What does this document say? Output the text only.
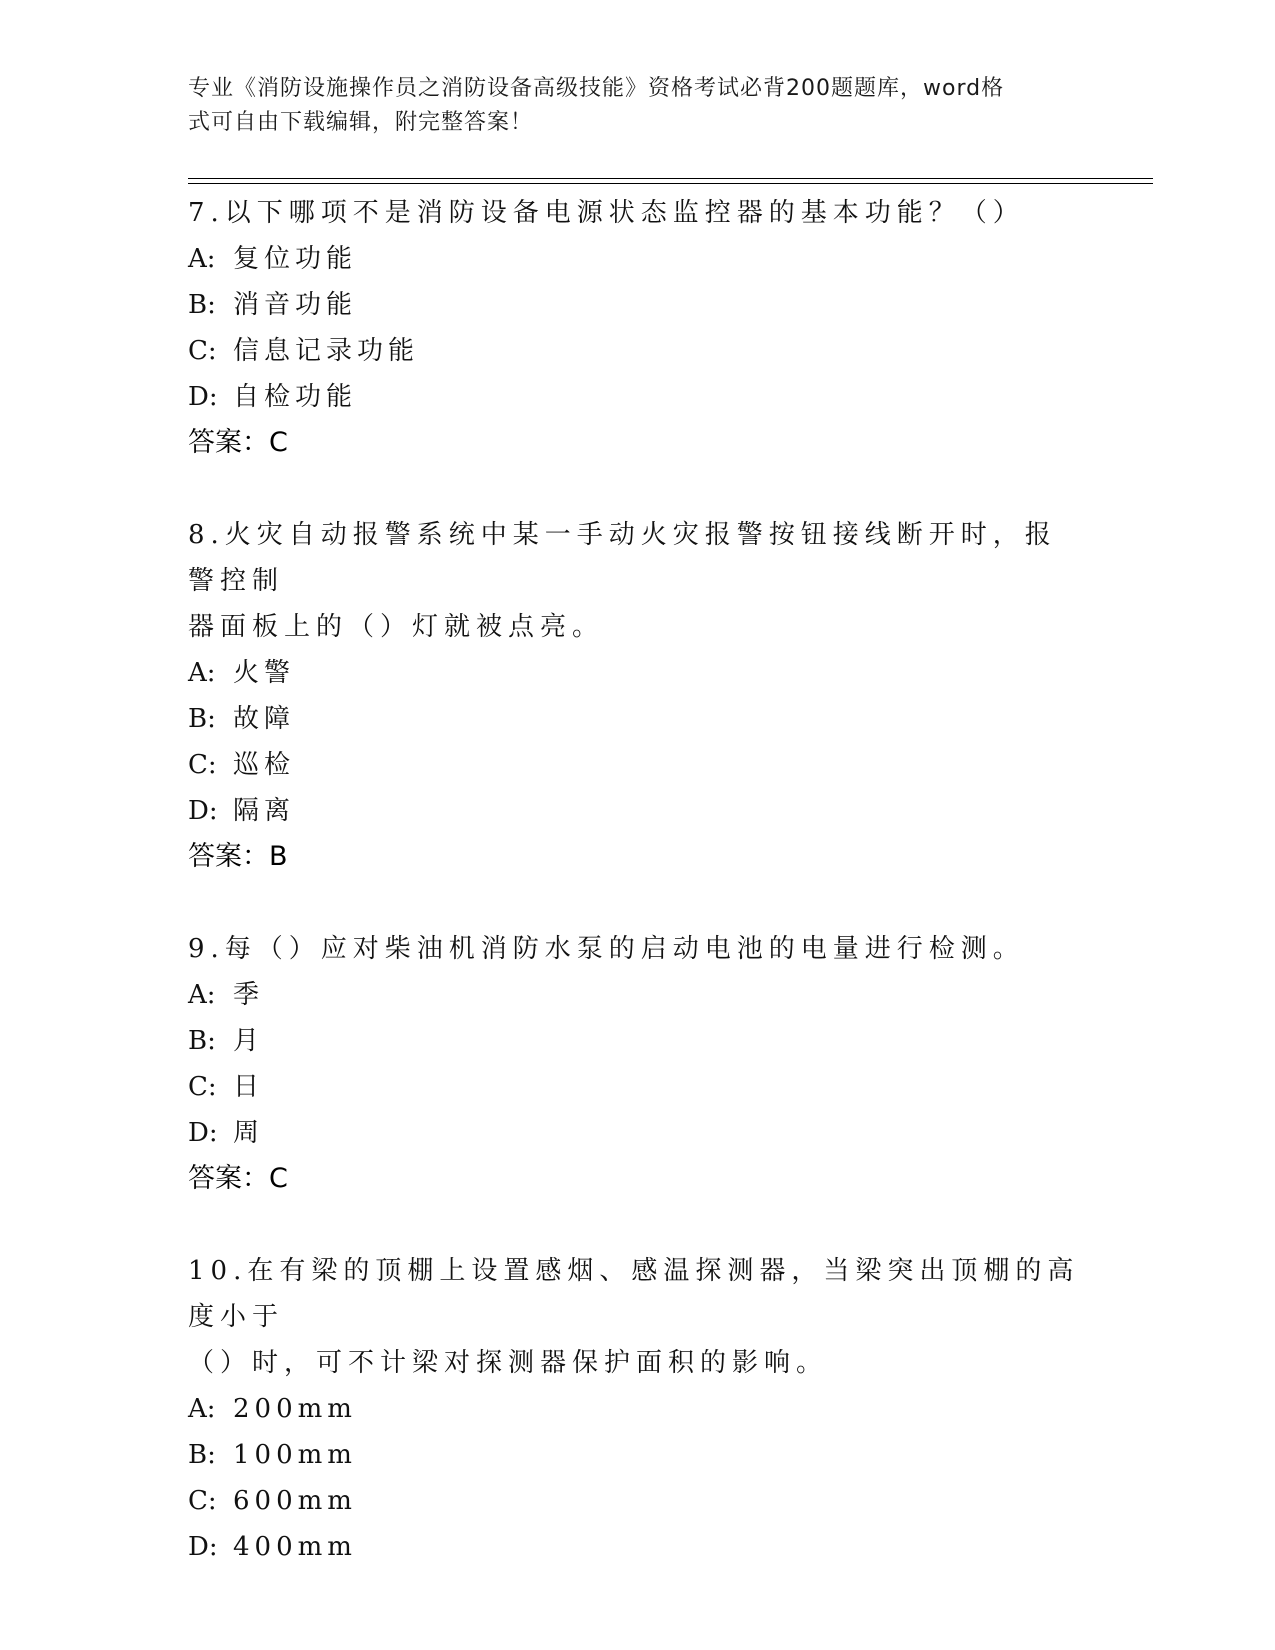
专业《消防设施操作员之消防设备高级技能》资格考试必背200题题库，word格
式可自由下载编辑，附完整答案！

7.以下哪项不是消防设备电源状态监控器的基本功能？（）

A: 复位功能

B: 消音功能

C: 信息记录功能

D: 自检功能

答案：C

8.火灾自动报警系统中某一手动火灾报警按钮接线断开时，报警控制

器面板上的（）灯就被点亮。

A: 火警

B: 故障

C: 巡检

D: 隔离

答案：B

9.每（）应对柴油机消防水泵的启动电池的电量进行检测。

A: 季

B: 月

C: 日

D: 周

答案：C

10.在有梁的顶棚上设置感烟、感温探测器，当梁突出顶棚的高度小于

（）时，可不计梁对探测器保护面积的影响。

A: 200mm

B: 100mm

C: 600mm

D: 400mm
